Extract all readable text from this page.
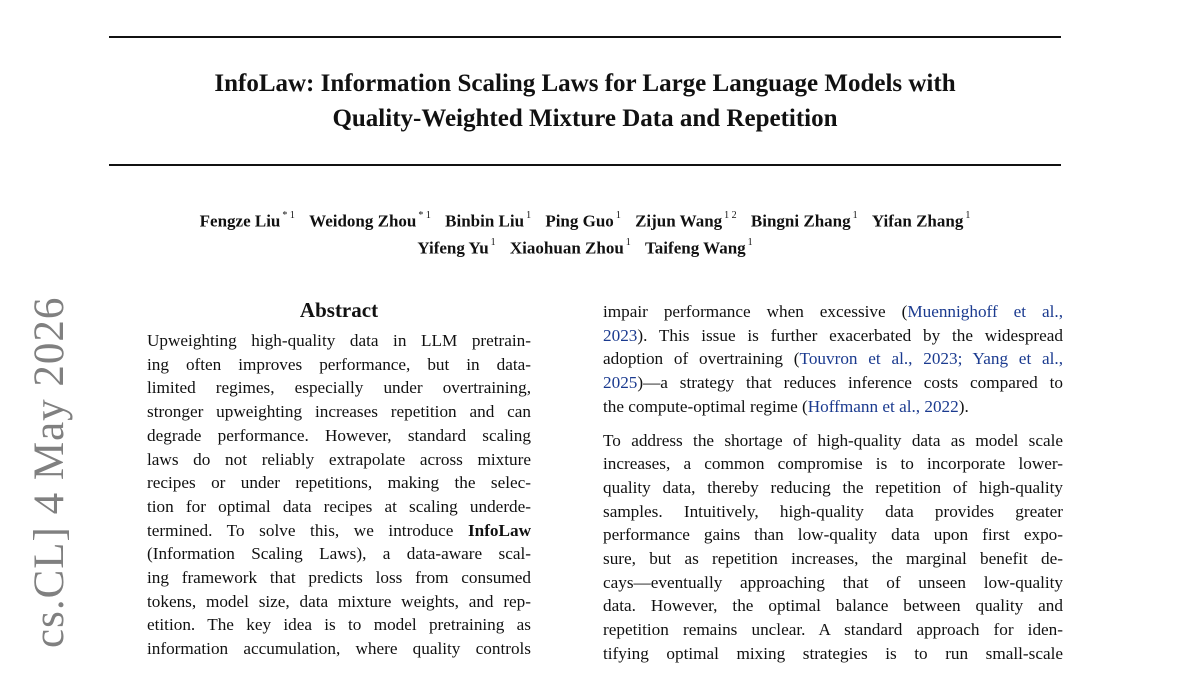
InfoLaw: Information Scaling Laws for Large Language Models with
Quality-Weighted Mixture Data and Repetition
Fengze Liu $^{* 1}$ Weidong Zhou $^{* 1}$ Binbin Liu $^1$ Ping Guo $^1$ Zijun Wang $^{1 2}$ Bingni Zhang $^1$ Yifan Zhang $^1$
Yifeng Yu $^1$ Xiaohuan Zhou $^1$ Taifeng Wang $^1$
cs.CL] 4 May 2026	Abstract
Upweighting high-quality data in LLM pretrain-
ing often improves performance, but in data-
limited regimes, especially under overtraining,
stronger upweighting increases repetition and can
degrade performance. However, standard scaling
laws do not reliably extrapolate across mixture
recipes or under repetitions, making the selec-
tion for optimal data recipes at scaling underde-
termined. To solve this, we introduce InfoLaw
(Information Scaling Laws), a data-aware scal-
ing framework that predicts loss from consumed
tokens, model size, data mixture weights, and rep-
etition. The key idea is to model pretraining as
information accumulation, where quality controls
impair performance when excessive (Muennighoff et al.,
2023). This issue is further exacerbated by the widespread
adoption of overtraining (Touvron et al., 2023; Yang et al.,
2025)—a strategy that reduces inference costs compared to
the compute-optimal regime (Hoffmann et al., 2022).
To address the shortage of high-quality data as model scale
increases, a common compromise is to incorporate lower-
quality data, thereby reducing the repetition of high-quality
samples. Intuitively, high-quality data provides greater
performance gains than low-quality data upon first expo-
sure, but as repetition increases, the marginal benefit de-
cays—eventually approaching that of unseen low-quality
data. However, the optimal balance between quality and
repetition remains unclear. A standard approach for iden-
tifying optimal mixing strategies is to run small-scale
